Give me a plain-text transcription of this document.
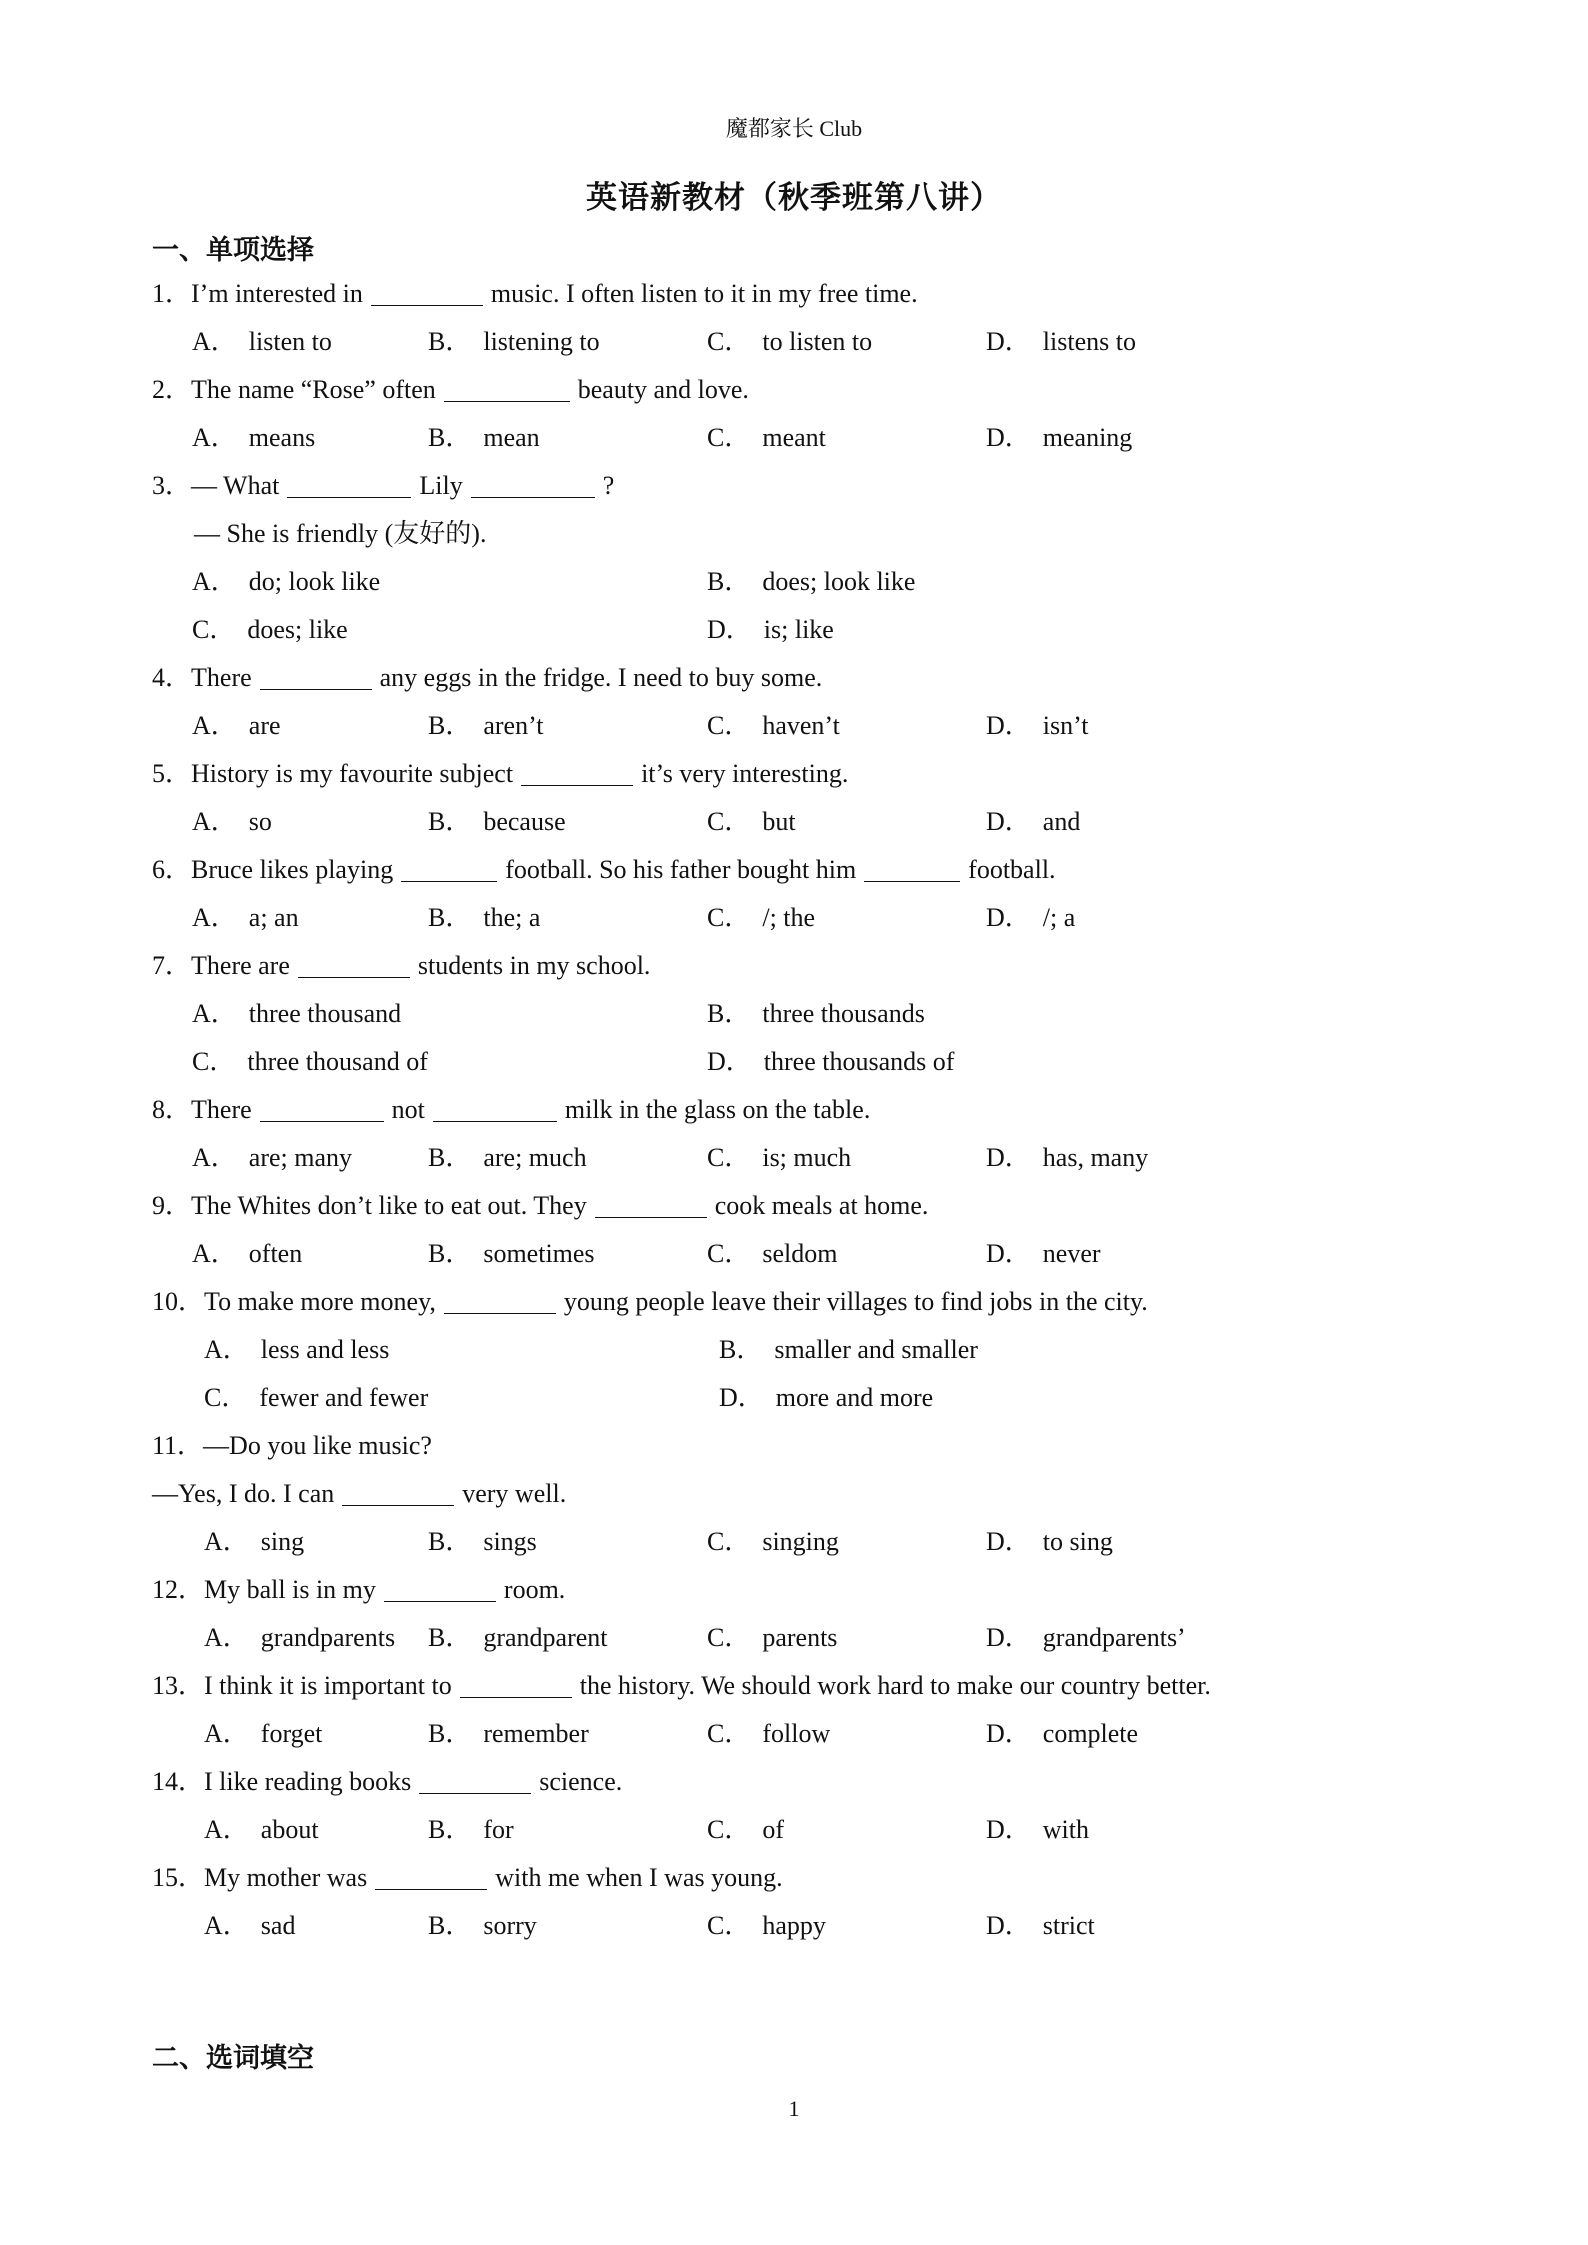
魔都家长 Club
英语新教材（秋季班第八讲）
一、单项选择
1．I’m interested in	music. I often listen to it in my free time.
A． listen to	B． listening to	C． to listen to	D． listens to
2．The name “Rose” often	beauty and love.
A． means	B． mean	C． meant	D． meaning
3．— What	Lily	?
— She is friendly (友好的).
A． do; look like	B． does; look like
C． does; like	D． is; like
4．There	any eggs in the fridge. I need to buy some.
A． are	B． aren’t	C． haven’t	D． isn’t
5．History is my favourite subject	it’s very interesting.
A． so	B． because	C． but	D． and
6．Bruce likes playing	football. So his father bought him	football.
A． a; an	B． the; a	C． /; the	D． /; a
7．There are	students in my school.
A． three thousand	B． three thousands
C． three thousand of	D． three thousands of
8．There	not	milk in the glass on the table.
A． are; many	B． are; much	C． is; much	D． has, many
9．The Whites don’t like to eat out. They	cook meals at home.
A． often	B． sometimes	C． seldom	D． never
10．To make more money,	young people leave their villages to find jobs in the city.
A． less and less	B． smaller and smaller
C． fewer and fewer	D． more and more
11．—Do you like music?
—Yes, I do. I can	very well.
A． sing	B． sings	C． singing	D． to sing
12．My ball is in my	room.
A． grandparents B． grandparent	C． parents	D． grandparents’
13．I think it is important to	the history. We should work hard to make our country better.
A． forget	B． remember	C． follow	D． complete
14．I like reading books	science.
A． about	B． for	C． of	D． with
15．My mother was	with me when I was young.
A． sad	B． sorry	C． happy	D． strict
二、选词填空
1
